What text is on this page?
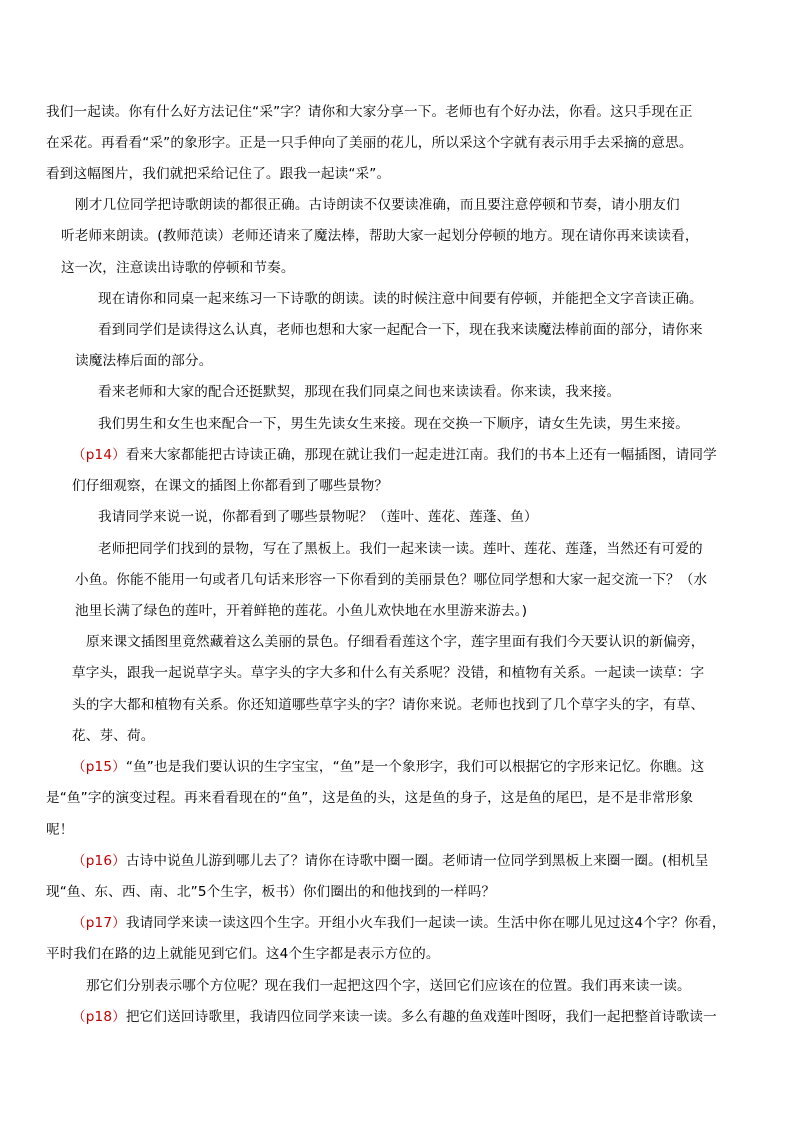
我们一起读。你有什么好方法记住“采”字？请你和大家分享一下。老师也有个好办法，你看。这只手现在正
在采花。再看看“采”的象形字。正是一只手伸向了美丽的花儿，所以采这个字就有表示用手去采摘的意思。
看到这幅图片，我们就把采给记住了。跟我一起读“采”。
刚才几位同学把诗歌朗读的都很正确。古诗朗读不仅要读准确，而且要注意停顿和节奏，请小朋友们
听老师来朗读。(教师范读）老师还请来了魔法棒，帮助大家一起划分停顿的地方。现在请你再来读读看，
这一次，注意读出诗歌的停顿和节奏。
现在请你和同桌一起来练习一下诗歌的朗读。读的时候注意中间要有停顿，并能把全文字音读正确。
看到同学们是读得这么认真，老师也想和大家一起配合一下，现在我来读魔法棒前面的部分，请你来
读魔法棒后面的部分。
看来老师和大家的配合还挺默契，那现在我们同桌之间也来读读看。你来读，我来接。
我们男生和女生也来配合一下，男生先读女生来接。现在交换一下顺序，请女生先读，男生来接。
（p14）看来大家都能把古诗读正确，那现在就让我们一起走进江南。我们的书本上还有一幅插图，请同学
们仔细观察，在课文的插图上你都看到了哪些景物？
我请同学来说一说，你都看到了哪些景物呢？（莲叶、莲花、莲蓬、鱼）
老师把同学们找到的景物，写在了黑板上。我们一起来读一读。莲叶、莲花、莲蓬，当然还有可爱的
小鱼。你能不能用一句或者几句话来形容一下你看到的美丽景色？哪位同学想和大家一起交流一下？（水
池里长满了绿色的莲叶，开着鲜艳的莲花。小鱼儿欢快地在水里游来游去。)
原来课文插图里竟然藏着这么美丽的景色。仔细看看莲这个字，莲字里面有我们今天要认识的新偏旁，
草字头，跟我一起说草字头。草字头的字大多和什么有关系呢？没错，和植物有关系。一起读一读草：字
头的字大都和植物有关系。你还知道哪些草字头的字？请你来说。老师也找到了几个草字头的字，有草、
花、芽、荷。
（p15）“鱼”也是我们要认识的生字宝宝，“鱼”是一个象形字，我们可以根据它的字形来记忆。你瞧。这
是“鱼”字的演变过程。再来看看现在的“鱼”，这是鱼的头，这是鱼的身子，这是鱼的尾巴，是不是非常形象
呢！
（p16）古诗中说鱼儿游到哪儿去了？请你在诗歌中圈一圈。老师请一位同学到黑板上来圈一圈。(相机呈
现“鱼、东、西、南、北”5个生字，板书）你们圈出的和他找到的一样吗？
（p17）我请同学来读一读这四个生字。开组小火车我们一起读一读。生活中你在哪儿见过这4个字？你看，
平时我们在路的边上就能见到它们。这4个生字都是表示方位的。
那它们分别表示哪个方位呢？现在我们一起把这四个字，送回它们应该在的位置。我们再来读一读。
（p18）把它们送回诗歌里，我请四位同学来读一读。多么有趣的鱼戏莲叶图呀，我们一起把整首诗歌读一
